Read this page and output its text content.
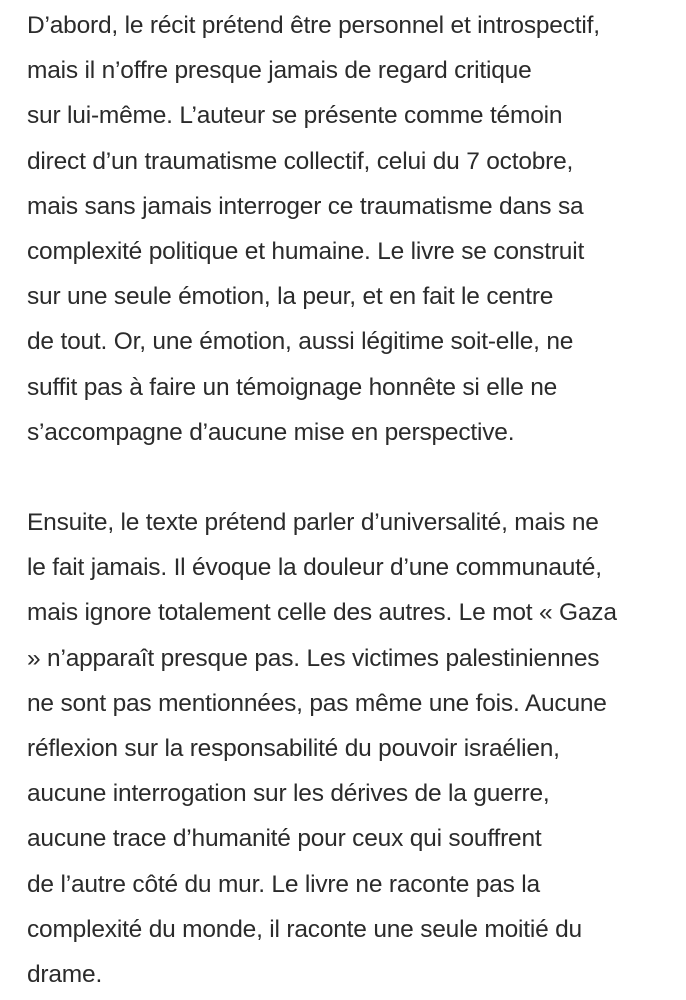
D’abord, le récit prétend être personnel et introspectif,
mais il n’offre presque jamais de regard critique
sur lui-même. L’auteur se présente comme témoin
direct d’un traumatisme collectif, celui du 7 octobre,
mais sans jamais interroger ce traumatisme dans sa
complexité politique et humaine. Le livre se construit
sur une seule émotion, la peur, et en fait le centre
de tout. Or, une émotion, aussi légitime soit-elle, ne
suffit pas à faire un témoignage honnête si elle ne
s’accompagne d’aucune mise en perspective.

Ensuite, le texte prétend parler d’universalité, mais ne
le fait jamais. Il évoque la douleur d’une communauté,
mais ignore totalement celle des autres. Le mot « Gaza
» n’apparaît presque pas. Les victimes palestiniennes
ne sont pas mentionnées, pas même une fois. Aucune
réflexion sur la responsabilité du pouvoir israélien,
aucune interrogation sur les dérives de la guerre,
aucune trace d’humanité pour ceux qui souffrent
de l’autre côté du mur. Le livre ne raconte pas la
complexité du monde, il raconte une seule moitié du
drame.
